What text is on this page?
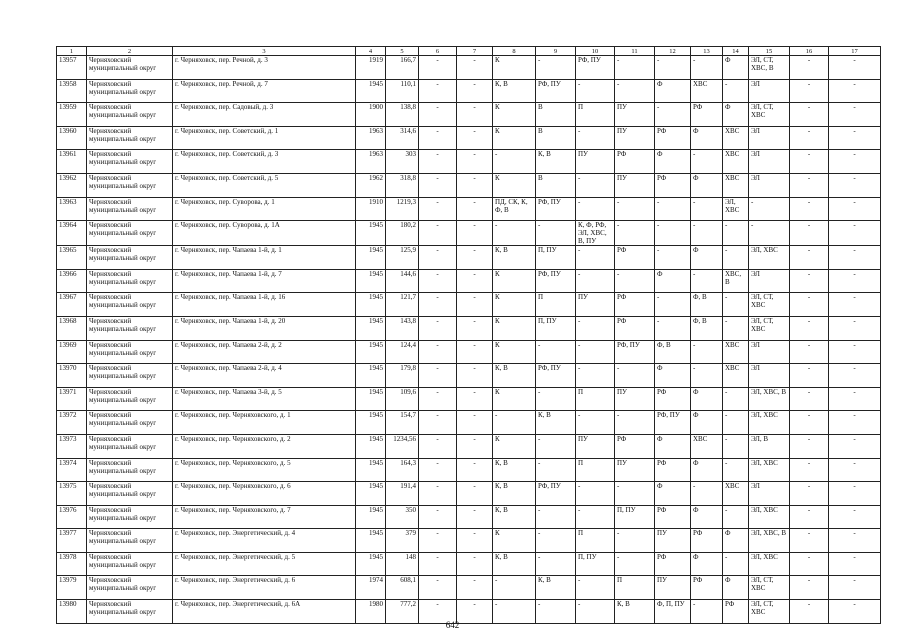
1	2	3	4	5	6	7	8	9	10	11	12	13	14	15	16	17
13957	Черняховский муниципальный округ	г. Черняховск, пер. Речной, д. 3	1919	166,7	-	-	К	-	РФ, ПУ	-	-	-	Ф	ЭЛ, СТ, ХВС, В	-	-
13958	Черняховский муниципальный округ	г. Черняховск, пер. Речной, д. 7	1945	110,1	-	-	К, В	РФ, ПУ	-	-	Ф	ХВС	-	ЭЛ	-	-
13959	Черняховский муниципальный округ	г. Черняховск, пер. Садовый, д. 3	1900	138,8	-	-	К	В	П	ПУ	-	РФ	Ф	ЭЛ, СТ, ХВС	-	-
13960	Черняховский муниципальный округ	г. Черняховск, пер. Советский, д. 1	1963	314,6	-	-	К	В	-	ПУ	РФ	Ф	ХВС	ЭЛ	-	-
13961	Черняховский муниципальный округ	г. Черняховск, пер. Советский, д. 3	1963	303	-	-	-	К, В	ПУ	РФ	Ф	-	ХВС	ЭЛ	-	-
13962	Черняховский муниципальный округ	г. Черняховск, пер. Советский, д. 5	1962	318,8	-	-	К	В	-	ПУ	РФ	Ф	ХВС	ЭЛ	-	-
13963	Черняховский муниципальный округ	г. Черняховск, пер. Суворова, д. 1	1910	1219,3	-	-	ПД, СК, К, Ф, В	РФ, ПУ	-	-	-	-	ЭЛ, ХВС	-	-	-
13964	Черняховский муниципальный округ	г. Черняховск, пер. Суворова, д. 1А	1945	180,2	-	-	-	-	К, Ф, РФ, ЭЛ, ХВС, В, ПУ	-	-	-	-	-	-	-
13965	Черняховский муниципальный округ	г. Черняховск, пер. Чапаева 1-й, д. 1	1945	125,9	-	-	К, В	П, ПУ	-	РФ	-	Ф	-	ЭЛ, ХВС	-	-
13966	Черняховский муниципальный округ	г. Черняховск, пер. Чапаева 1-й, д. 7	1945	144,6	-	-	К	РФ, ПУ	-	-	Ф	-	ХВС, В	ЭЛ	-	-
13967	Черняховский муниципальный округ	г. Черняховск, пер. Чапаева 1-й, д. 16	1945	121,7	-	-	К	П	ПУ	РФ	-	Ф, В	-	ЭЛ, СТ, ХВС	-	-
13968	Черняховский муниципальный округ	г. Черняховск, пер. Чапаева 1-й, д. 20	1945	143,8	-	-	К	П, ПУ	-	РФ	-	Ф, В	-	ЭЛ, СТ, ХВС	-	-
13969	Черняховский муниципальный округ	г. Черняховск, пер. Чапаева 2-й, д. 2	1945	124,4	-	-	К	-	-	РФ, ПУ	Ф, В	-	ХВС	ЭЛ	-	-
13970	Черняховский муниципальный округ	г. Черняховск, пер. Чапаева 2-й, д. 4	1945	179,8	-	-	К, В	РФ, ПУ	-	-	Ф	-	ХВС	ЭЛ	-	-
13971	Черняховский муниципальный округ	г. Черняховск, пер. Чапаева 3-й, д. 5	1945	109,6	-	-	К	-	П	ПУ	РФ	Ф	-	ЭЛ, ХВС, В	-	-
13972	Черняховский муниципальный округ	г. Черняховск, пер. Черняховского, д. 1	1945	154,7	-	-	-	К, В	-	-	РФ, ПУ	Ф	-	ЭЛ, ХВС	-	-
13973	Черняховский муниципальный округ	г. Черняховск, пер. Черняховского, д. 2	1945	1234,56	-	-	К	-	ПУ	РФ	Ф	ХВС	-	ЭЛ, В	-	-
13974	Черняховский муниципальный округ	г. Черняховск, пер. Черняховского, д. 5	1945	164,3	-	-	К, В	-	П	ПУ	РФ	Ф	-	ЭЛ, ХВС	-	-
13975	Черняховский муниципальный округ	г. Черняховск, пер. Черняховского, д. 6	1945	191,4	-	-	К, В	РФ, ПУ	-	-	Ф	-	ХВС	ЭЛ	-	-
13976	Черняховский муниципальный округ	г. Черняховск, пер. Черняховского, д. 7	1945	350	-	-	К, В	-	-	П, ПУ	РФ	Ф	-	ЭЛ, ХВС	-	-
13977	Черняховский муниципальный округ	г. Черняховск, пер. Энергетический, д. 4	1945	379	-	-	К	-	П	-	ПУ	РФ	Ф	ЭЛ, ХВС, В	-	-
13978	Черняховский муниципальный округ	г. Черняховск, пер. Энергетический, д. 5	1945	148	-	-	К, В	-	П, ПУ	-	РФ	Ф	-	ЭЛ, ХВС	-	-
13979	Черняховский муниципальный округ	г. Черняховск, пер. Энергетический, д. 6	1974	608,1	-	-	-	К, В	-	П	ПУ	РФ	Ф	ЭЛ, СТ, ХВС	-	-
13980	Черняховский муниципальный округ	г. Черняховск, пер. Энергетический, д. 6А	1980	777,2	-	-	-	-	-	К, В	Ф, П, ПУ	-	РФ	ЭЛ, СТ, ХВС	-	-
642
